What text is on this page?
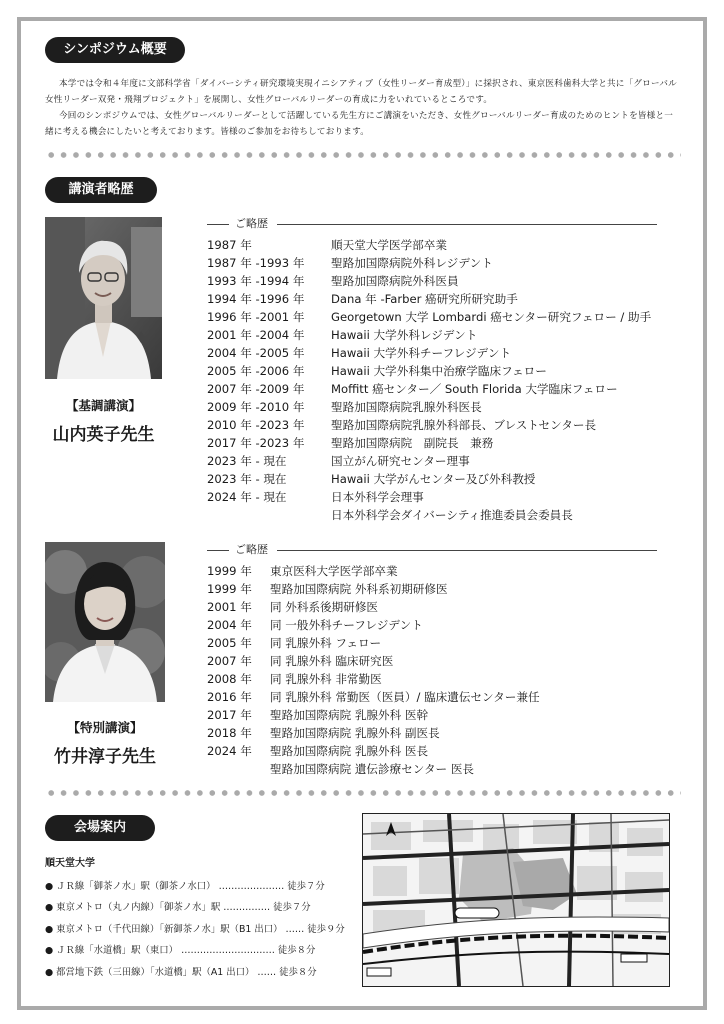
シンポジウム概要

本学では令和４年度に文部科学省「ダイバーシティ研究環境実現イニシアティブ（女性リーダー育成型）」に採択され、東京医科歯科大学と共に「グローバル女性リーダー双発・飛翔プロジェクト」を展開し、女性グローバルリーダーの育成に力をいれているところです。

今回のシンポジウムでは、女性グローバルリーダーとして活躍している先生方にご講演をいただき、女性グローバルリーダー育成のためのヒントを皆様と一緒に考える機会にしたいと考えております。皆様のご参加をお待ちしております。

講演者略歴
【基調講演】
山内英子先生
ご略歴
1987 年	順天堂大学医学部卒業
1987 年 -1993 年	聖路加国際病院外科レジデント
1993 年 -1994 年	聖路加国際病院外科医員
1994 年 -1996 年	Dana 年 -Farber 癌研究所研究助手
1996 年 -2001 年	Georgetown 大学 Lombardi 癌センター研究フェロー / 助手
2001 年 -2004 年	Hawaii 大学外科レジデント
2004 年 -2005 年	Hawaii 大学外科チーフレジデント
2005 年 -2006 年	Hawaii 大学外科集中治療学臨床フェロー
2007 年 -2009 年	Moffitt 癌センター／ South Florida 大学臨床フェロー
2009 年 -2010 年	聖路加国際病院乳腺外科医長
2010 年 -2023 年	聖路加国際病院乳腺外科部長、ブレストセンター長
2017 年 -2023 年	聖路加国際病院　副院長　兼務
2023 年 - 現在	国立がん研究センター理事
2023 年 - 現在	Hawaii 大学がんセンター及び外科教授
2024 年 - 現在	日本外科学会理事
日本外科学会ダイバーシティ推進委員会委員長
【特別講演】
竹井淳子先生
ご略歴
1999 年	東京医科大学医学部卒業
1999 年	聖路加国際病院 外科系初期研修医
2001 年	同 外科系後期研修医
2004 年	同 一般外科チーフレジデント
2005 年	同 乳腺外科 フェロー
2007 年	同 乳腺外科 臨床研究医
2008 年	同 乳腺外科 非常勤医
2016 年	同 乳腺外科 常勤医（医員）/ 臨床遺伝センター兼任
2017 年	聖路加国際病院 乳腺外科 医幹
2018 年	聖路加国際病院 乳腺外科 副医長
2024 年	聖路加国際病院 乳腺外科 医長
聖路加国際病院 遺伝診療センター 医長
会場案内
順天堂大学
● ＪＲ線「御茶ノ水」駅（御茶ノ水口） ………………… 徒歩７分
● 東京メトロ（丸ノ内線）「御茶ノ水」駅 …………… 徒歩７分
● 東京メトロ（千代田線）「新御茶ノ水」駅（B1 出口） …… 徒歩９分
● ＪＲ線「水道橋」駅（東口） ………………………… 徒歩８分
● 都営地下鉄（三田線）「水道橋」駅（A1 出口） …… 徒歩８分
